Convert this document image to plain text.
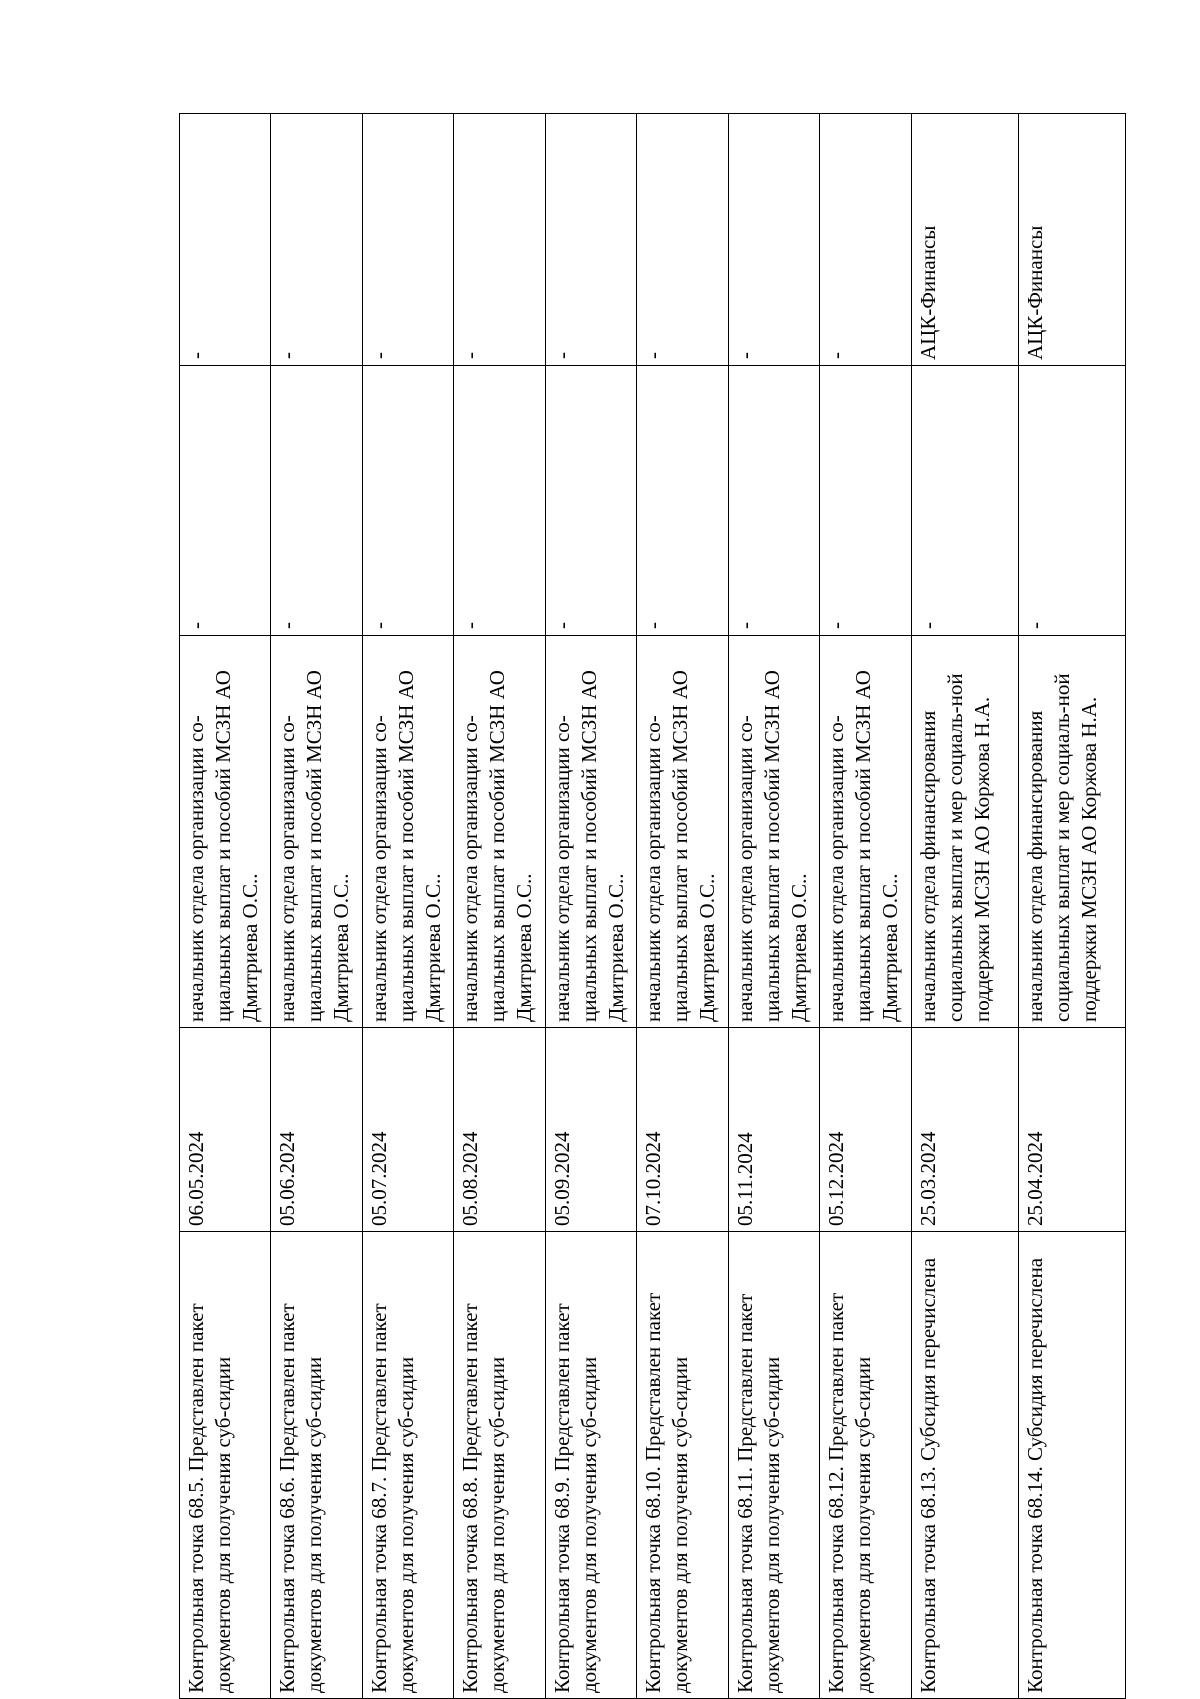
Контрольная точка 68.5. Представлен пакет документов для получения суб-сидии	06.05.2024	начальник отдела организации со-циальных выплат и пособий МСЗН АО Дмитриева О.С..	-	-
Контрольная точка 68.6. Представлен пакет документов для получения суб-сидии	05.06.2024	начальник отдела организации со-циальных выплат и пособий МСЗН АО Дмитриева О.С..	-	-
Контрольная точка 68.7. Представлен пакет документов для получения суб-сидии	05.07.2024	начальник отдела организации со-циальных выплат и пособий МСЗН АО Дмитриева О.С..	-	-
Контрольная точка 68.8. Представлен пакет документов для получения суб-сидии	05.08.2024	начальник отдела организации со-циальных выплат и пособий МСЗН АО Дмитриева О.С..	-	-
Контрольная точка 68.9. Представлен пакет документов для получения суб-сидии	05.09.2024	начальник отдела организации со-циальных выплат и пособий МСЗН АО Дмитриева О.С..	-	-
Контрольная точка 68.10. Представлен пакет документов для получения суб-сидии	07.10.2024	начальник отдела организации со-циальных выплат и пособий МСЗН АО Дмитриева О.С..	-	-
Контрольная точка 68.11. Представлен пакет документов для получения суб-сидии	05.11.2024	начальник отдела организации со-циальных выплат и пособий МСЗН АО Дмитриева О.С..	-	-
Контрольная точка 68.12. Представлен пакет документов для получения суб-сидии	05.12.2024	начальник отдела организации со-циальных выплат и пособий МСЗН АО Дмитриева О.С..	-	-
Контрольная точка 68.13. Субсидия перечислена	25.03.2024	начальник отдела финансирования социальных выплат и мер социаль-ной поддержки МСЗН АО Коржова Н.А.	-	АЦК-Финансы
Контрольная точка 68.14. Субсидия перечислена	25.04.2024	начальник отдела финансирования социальных выплат и мер социаль-ной поддержки МСЗН АО Коржова Н.А.	-	АЦК-Финансы
